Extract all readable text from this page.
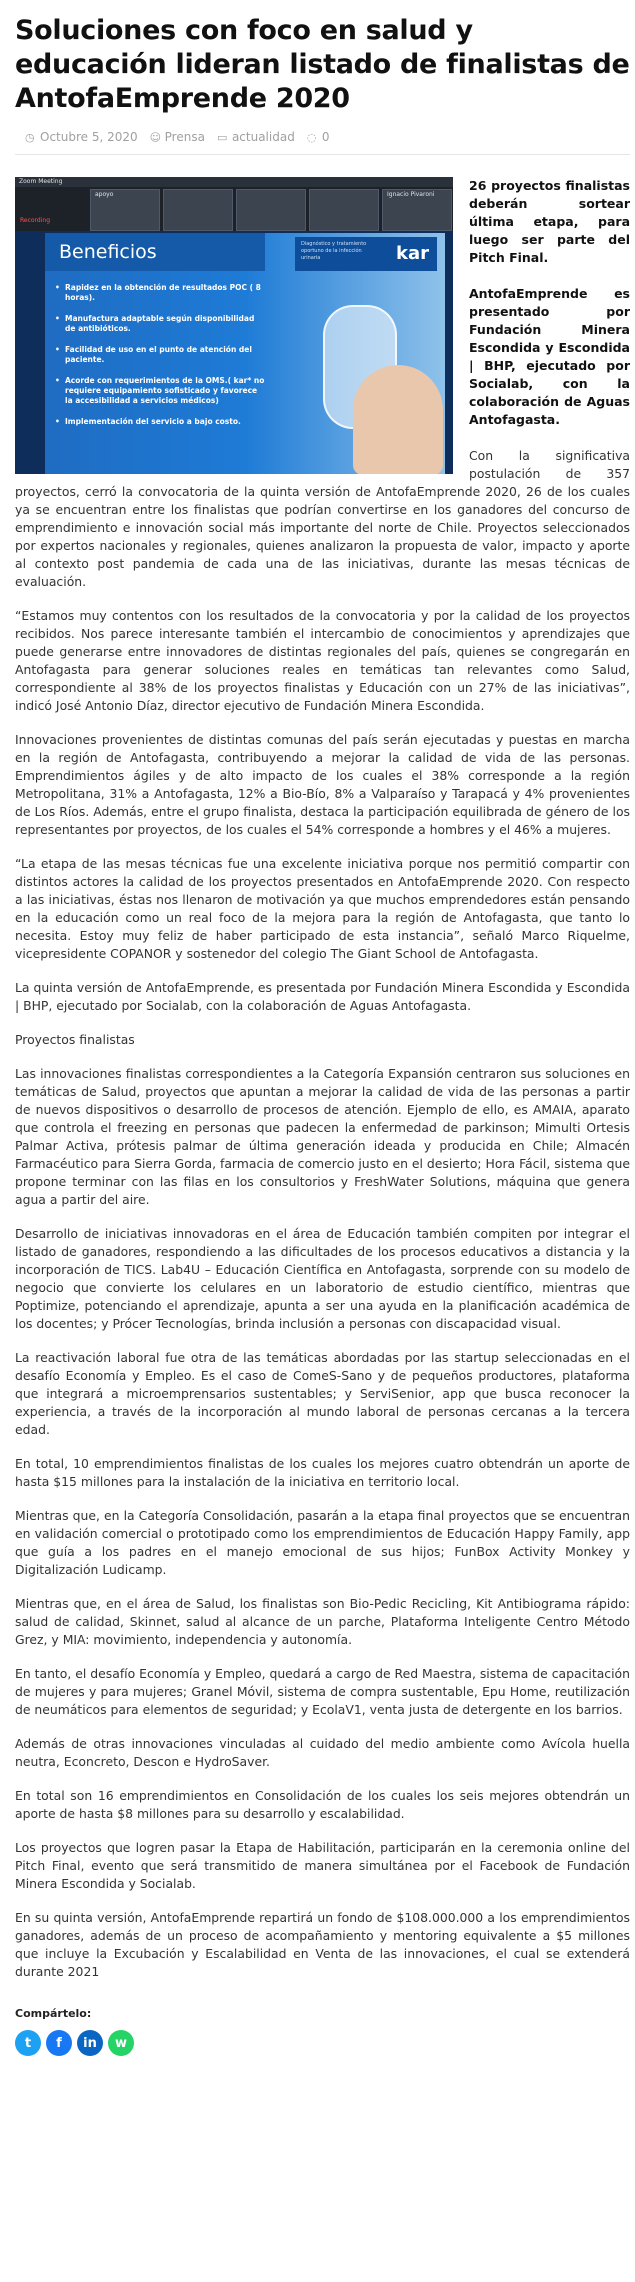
Soluciones con foco en salud y educación lideran listado de finalistas de AntofaEmprende 2020
◷ Octubre 5, 2020 ☺ Prensa ▭ actualidad ◌ 0
Zoom Meeting
apoyo	Ignacio Pivaroni
Recording
Beneficios	Diagnóstico y tratamiento oportuno de la infección urinaria	kar
• Rapidez en la obtención de resultados POC ( 8 horas).
• Manufactura adaptable según disponibilidad de antibióticos.
• Facilidad de uso en el punto de atención del paciente.
• Acorde con requerimientos de la OMS.( kar* no requiere equipamiento sofisticado y favorece la accesibilidad a servicios médicos)
• Implementación del servicio a bajo costo.

26 proyectos finalistas deberán sortear última etapa, para luego ser parte del Pitch Final.

AntofaEmprende es presentado por Fundación Minera Escondida y Escondida | BHP, ejecutado por Socialab, con la colaboración de Aguas Antofagasta.

Con la significativa postulación de 357 proyectos, cerró la convocatoria de la quinta versión de AntofaEmprende 2020, 26 de los cuales ya se encuentran entre los finalistas que podrían convertirse en los ganadores del concurso de emprendimiento e innovación social más importante del norte de Chile. Proyectos seleccionados por expertos nacionales y regionales, quienes analizaron la propuesta de valor, impacto y aporte al contexto post pandemia de cada una de las iniciativas, durante las mesas técnicas de evaluación.

“Estamos muy contentos con los resultados de la convocatoria y por la calidad de los proyectos recibidos. Nos parece interesante también el intercambio de conocimientos y aprendizajes que puede generarse entre innovadores de distintas regionales del país, quienes se congregarán en Antofagasta para generar soluciones reales en temáticas tan relevantes como Salud, correspondiente al 38% de los proyectos finalistas y Educación con un 27% de las iniciativas”, indicó José Antonio Díaz, director ejecutivo de Fundación Minera Escondida.

Innovaciones provenientes de distintas comunas del país serán ejecutadas y puestas en marcha en la región de Antofagasta, contribuyendo a mejorar la calidad de vida de las personas. Emprendimientos ágiles y de alto impacto de los cuales el 38% corresponde a la región Metropolitana, 31% a Antofagasta, 12% a Bio-Bío, 8% a Valparaíso y Tarapacá y 4% provenientes de Los Ríos. Además, entre el grupo finalista, destaca la participación equilibrada de género de los representantes por proyectos, de los cuales el 54% corresponde a hombres y el 46% a mujeres.

“La etapa de las mesas técnicas fue una excelente iniciativa porque nos permitió compartir con distintos actores la calidad de los proyectos presentados en AntofaEmprende 2020. Con respecto a las iniciativas, éstas nos llenaron de motivación ya que muchos emprendedores están pensando en la educación como un real foco de la mejora para la región de Antofagasta, que tanto lo necesita. Estoy muy feliz de haber participado de esta instancia”, señaló Marco Riquelme, vicepresidente COPANOR y sostenedor del colegio The Giant School de Antofagasta.

La quinta versión de AntofaEmprende, es presentada por Fundación Minera Escondida y Escondida | BHP, ejecutado por Socialab, con la colaboración de Aguas Antofagasta.

Proyectos finalistas

Las innovaciones finalistas correspondientes a la Categoría Expansión centraron sus soluciones en temáticas de Salud, proyectos que apuntan a mejorar la calidad de vida de las personas a partir de nuevos dispositivos o desarrollo de procesos de atención. Ejemplo de ello, es AMAIA, aparato que controla el freezing en personas que padecen la enfermedad de parkinson; Mimulti Ortesis Palmar Activa, prótesis palmar de última generación ideada y producida en Chile; Almacén Farmacéutico para Sierra Gorda, farmacia de comercio justo en el desierto; Hora Fácil, sistema que propone terminar con las filas en los consultorios y FreshWater Solutions, máquina que genera agua a partir del aire.

Desarrollo de iniciativas innovadoras en el área de Educación también compiten por integrar el listado de ganadores, respondiendo a las dificultades de los procesos educativos a distancia y la incorporación de TICS. Lab4U – Educación Científica en Antofagasta, sorprende con su modelo de negocio que convierte los celulares en un laboratorio de estudio científico, mientras que Poptimize, potenciando el aprendizaje, apunta a ser una ayuda en la planificación académica de los docentes; y Prócer Tecnologías, brinda inclusión a personas con discapacidad visual.

La reactivación laboral fue otra de las temáticas abordadas por las startup seleccionadas en el desafío Economía y Empleo. Es el caso de ComeS-Sano y de pequeños productores, plataforma que integrará a microemprensarios sustentables; y ServiSenior, app que busca reconocer la experiencia, a través de la incorporación al mundo laboral de personas cercanas a la tercera edad.

En total, 10 emprendimientos finalistas de los cuales los mejores cuatro obtendrán un aporte de hasta $15 millones para la instalación de la iniciativa en territorio local.

Mientras que, en la Categoría Consolidación, pasarán a la etapa final proyectos que se encuentran en validación comercial o prototipado como los emprendimientos de Educación Happy Family, app que guía a los padres en el manejo emocional de sus hijos; FunBox Activity Monkey y Digitalización Ludicamp.

Mientras que, en el área de Salud, los finalistas son Bio-Pedic Recicling, Kit Antibiograma rápido: salud de calidad, Skinnet, salud al alcance de un parche, Plataforma Inteligente Centro Método Grez, y MIA: movimiento, independencia y autonomía.

En tanto, el desafío Economía y Empleo, quedará a cargo de Red Maestra, sistema de capacitación de mujeres y para mujeres; Granel Móvil, sistema de compra sustentable, Epu Home, reutilización de neumáticos para elementos de seguridad; y EcolaV1, venta justa de detergente en los barrios.

Además de otras innovaciones vinculadas al cuidado del medio ambiente como Avícola huella neutra, Econcreto, Descon e HydroSaver.

En total son 16 emprendimientos en Consolidación de los cuales los seis mejores obtendrán un aporte de hasta $8 millones para su desarrollo y escalabilidad.

Los proyectos que logren pasar la Etapa de Habilitación, participarán en la ceremonia online del Pitch Final, evento que será transmitido de manera simultánea por el Facebook de Fundación Minera Escondida y Socialab.

En su quinta versión, AntofaEmprende repartirá un fondo de $108.000.000 a los emprendimientos ganadores, además de un proceso de acompañamiento y mentoring equivalente a $5 millones que incluye la Excubación y Escalabilidad en Venta de las innovaciones, el cual se extenderá durante 2021

Compártelo:
t f in w
